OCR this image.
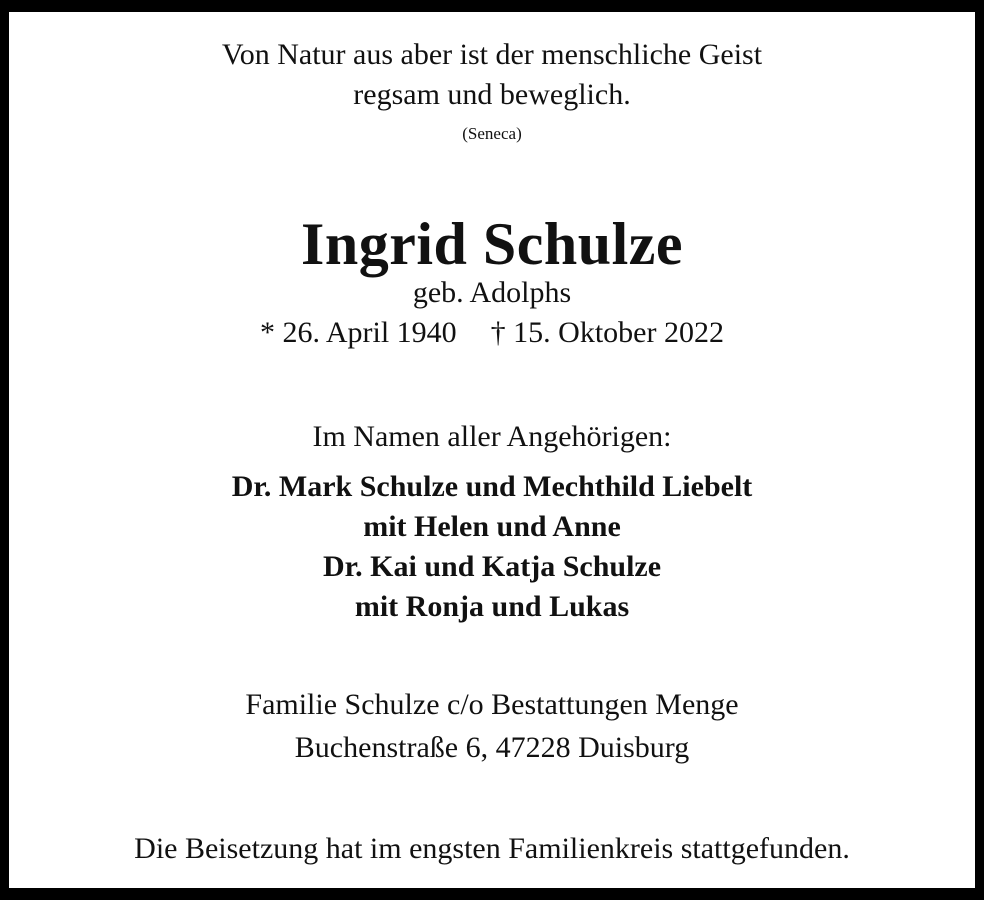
Von Natur aus aber ist der menschliche Geist
regsam und beweglich.
(Seneca)
Ingrid Schulze
geb. Adolphs
* 26. April 1940 † 15. Oktober 2022
Im Namen aller Angehörigen:
Dr. Mark Schulze und Mechthild Liebelt
mit Helen und Anne
Dr. Kai und Katja Schulze
mit Ronja und Lukas
Familie Schulze c/o Bestattungen Menge
Buchenstraße 6, 47228 Duisburg
Die Beisetzung hat im engsten Familienkreis stattgefunden.
